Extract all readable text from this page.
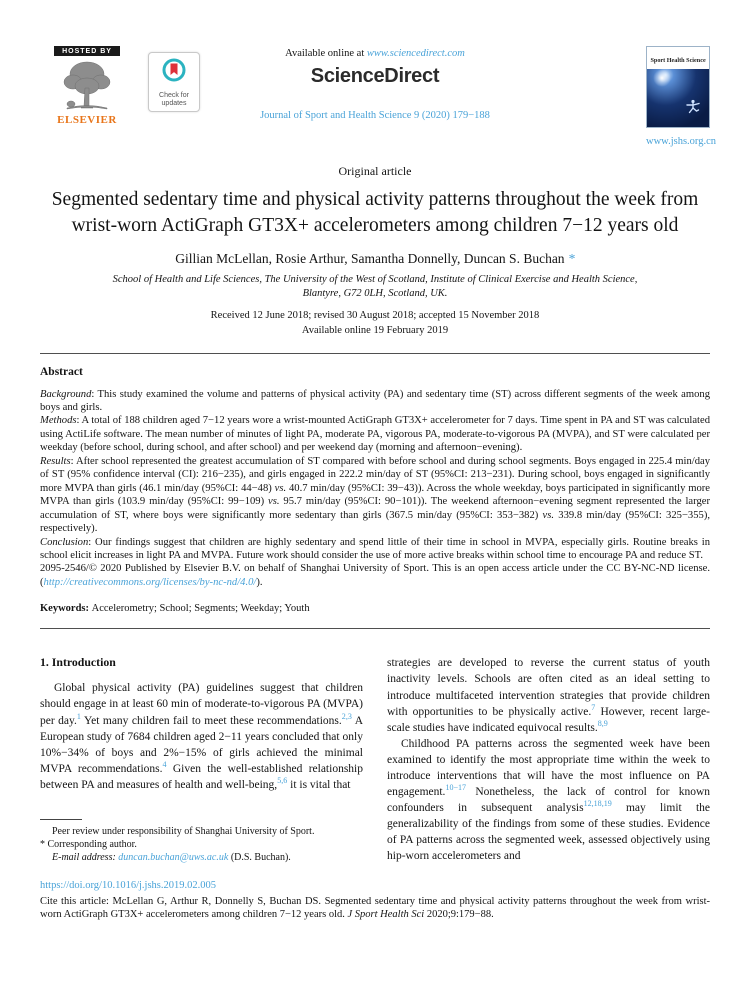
HOSTED BY
ELSEVIER
Check for updates
Available online at www.sciencedirect.com
ScienceDirect
Journal of Sport and Health Science 9 (2020) 179−188
Sport Health Science
www.jshs.org.cn
Original article
Segmented sedentary time and physical activity patterns throughout the week from wrist-worn ActiGraph GT3X+ accelerometers among children 7−12 years old
Gillian McLellan, Rosie Arthur, Samantha Donnelly, Duncan S. Buchan *
School of Health and Life Sciences, The University of the West of Scotland, Institute of Clinical Exercise and Health Science,
Blantyre, G72 0LH, Scotland, UK.
Received 12 June 2018; revised 30 August 2018; accepted 15 November 2018
Available online 19 February 2019
Abstract

Background: This study examined the volume and patterns of physical activity (PA) and sedentary time (ST) across different segments of the week among boys and girls.

Methods: A total of 188 children aged 7−12 years wore a wrist-mounted ActiGraph GT3X+ accelerometer for 7 days. Time spent in PA and ST was calculated using ActiLife software. The mean number of minutes of light PA, moderate PA, vigorous PA, moderate-to-vigorous PA (MVPA), and ST were calculated per weekday (before school, during school, and after school) and per weekend day (morning and afternoon−evening).

Results: After school represented the greatest accumulation of ST compared with before school and during school segments. Boys engaged in 225.4 min/day of ST (95% confidence interval (CI): 216−235), and girls engaged in 222.2 min/day of ST (95%CI: 213−231). During school, boys engaged in significantly more MVPA than girls (46.1 min/day (95%CI: 44−48) vs. 40.7 min/day (95%CI: 39−43)). Across the whole weekday, boys participated in significantly more MVPA than girls (103.9 min/day (95%CI: 99−109) vs. 95.7 min/day (95%CI: 90−101)). The weekend afternoon−evening segment represented the larger accumulation of ST, where boys were significantly more sedentary than girls (367.5 min/day (95%CI: 353−382) vs. 339.8 min/day (95%CI: 325−355), respectively).

Conclusion: Our findings suggest that children are highly sedentary and spend little of their time in school in MVPA, especially girls. Routine breaks in school elicit increases in light PA and MVPA. Future work should consider the use of more active breaks within school time to encourage PA and reduce ST.

2095-2546/© 2020 Published by Elsevier B.V. on behalf of Shanghai University of Sport. This is an open access article under the CC BY-NC-ND license. (http://creativecommons.org/licenses/by-nc-nd/4.0/).

Keywords: Accelerometry; School; Segments; Weekday; Youth
1. Introduction

Global physical activity (PA) guidelines suggest that children should engage in at least 60 min of moderate-to-vigorous PA (MVPA) per day.$^1$ Yet many children fail to meet these recommendations.$^{2,3}$ A European study of 7684 children aged 2−11 years concluded that only 10%−34% of boys and 2%−15% of girls achieved the minimal MVPA recommendations.$^4$ Given the well-established relationship between PA and measures of health and well-being,$^{5,6}$ it is vital that

Peer review under responsibility of Shanghai University of Sport.

* Corresponding author.

E-mail address: duncan.buchan@uws.ac.uk (D.S. Buchan).

strategies are developed to reverse the current status of youth inactivity levels. Schools are often cited as an ideal setting to introduce multifaceted intervention strategies that provide children with opportunities to be physically active.$^7$ However, recent large-scale studies have indicated equivocal results.$^{8,9}$

Childhood PA patterns across the segmented week have been examined to identify the most appropriate time within the week to introduce interventions that will have the most influence on PA engagement.$^{10-17}$ Nonetheless, the lack of control for known confounders in subsequent analysis$^{12,18,19}$ may limit the generalizability of the findings from some of these studies. Evidence of PA patterns across the segmented week, assessed objectively using hip-worn accelerometers and

https://doi.org/10.1016/j.jshs.2019.02.005

Cite this article: McLellan G, Arthur R, Donnelly S, Buchan DS. Segmented sedentary time and physical activity patterns throughout the week from wrist-worn ActiGraph GT3X+ accelerometers among children 7−12 years old. J Sport Health Sci 2020;9:179−88.
